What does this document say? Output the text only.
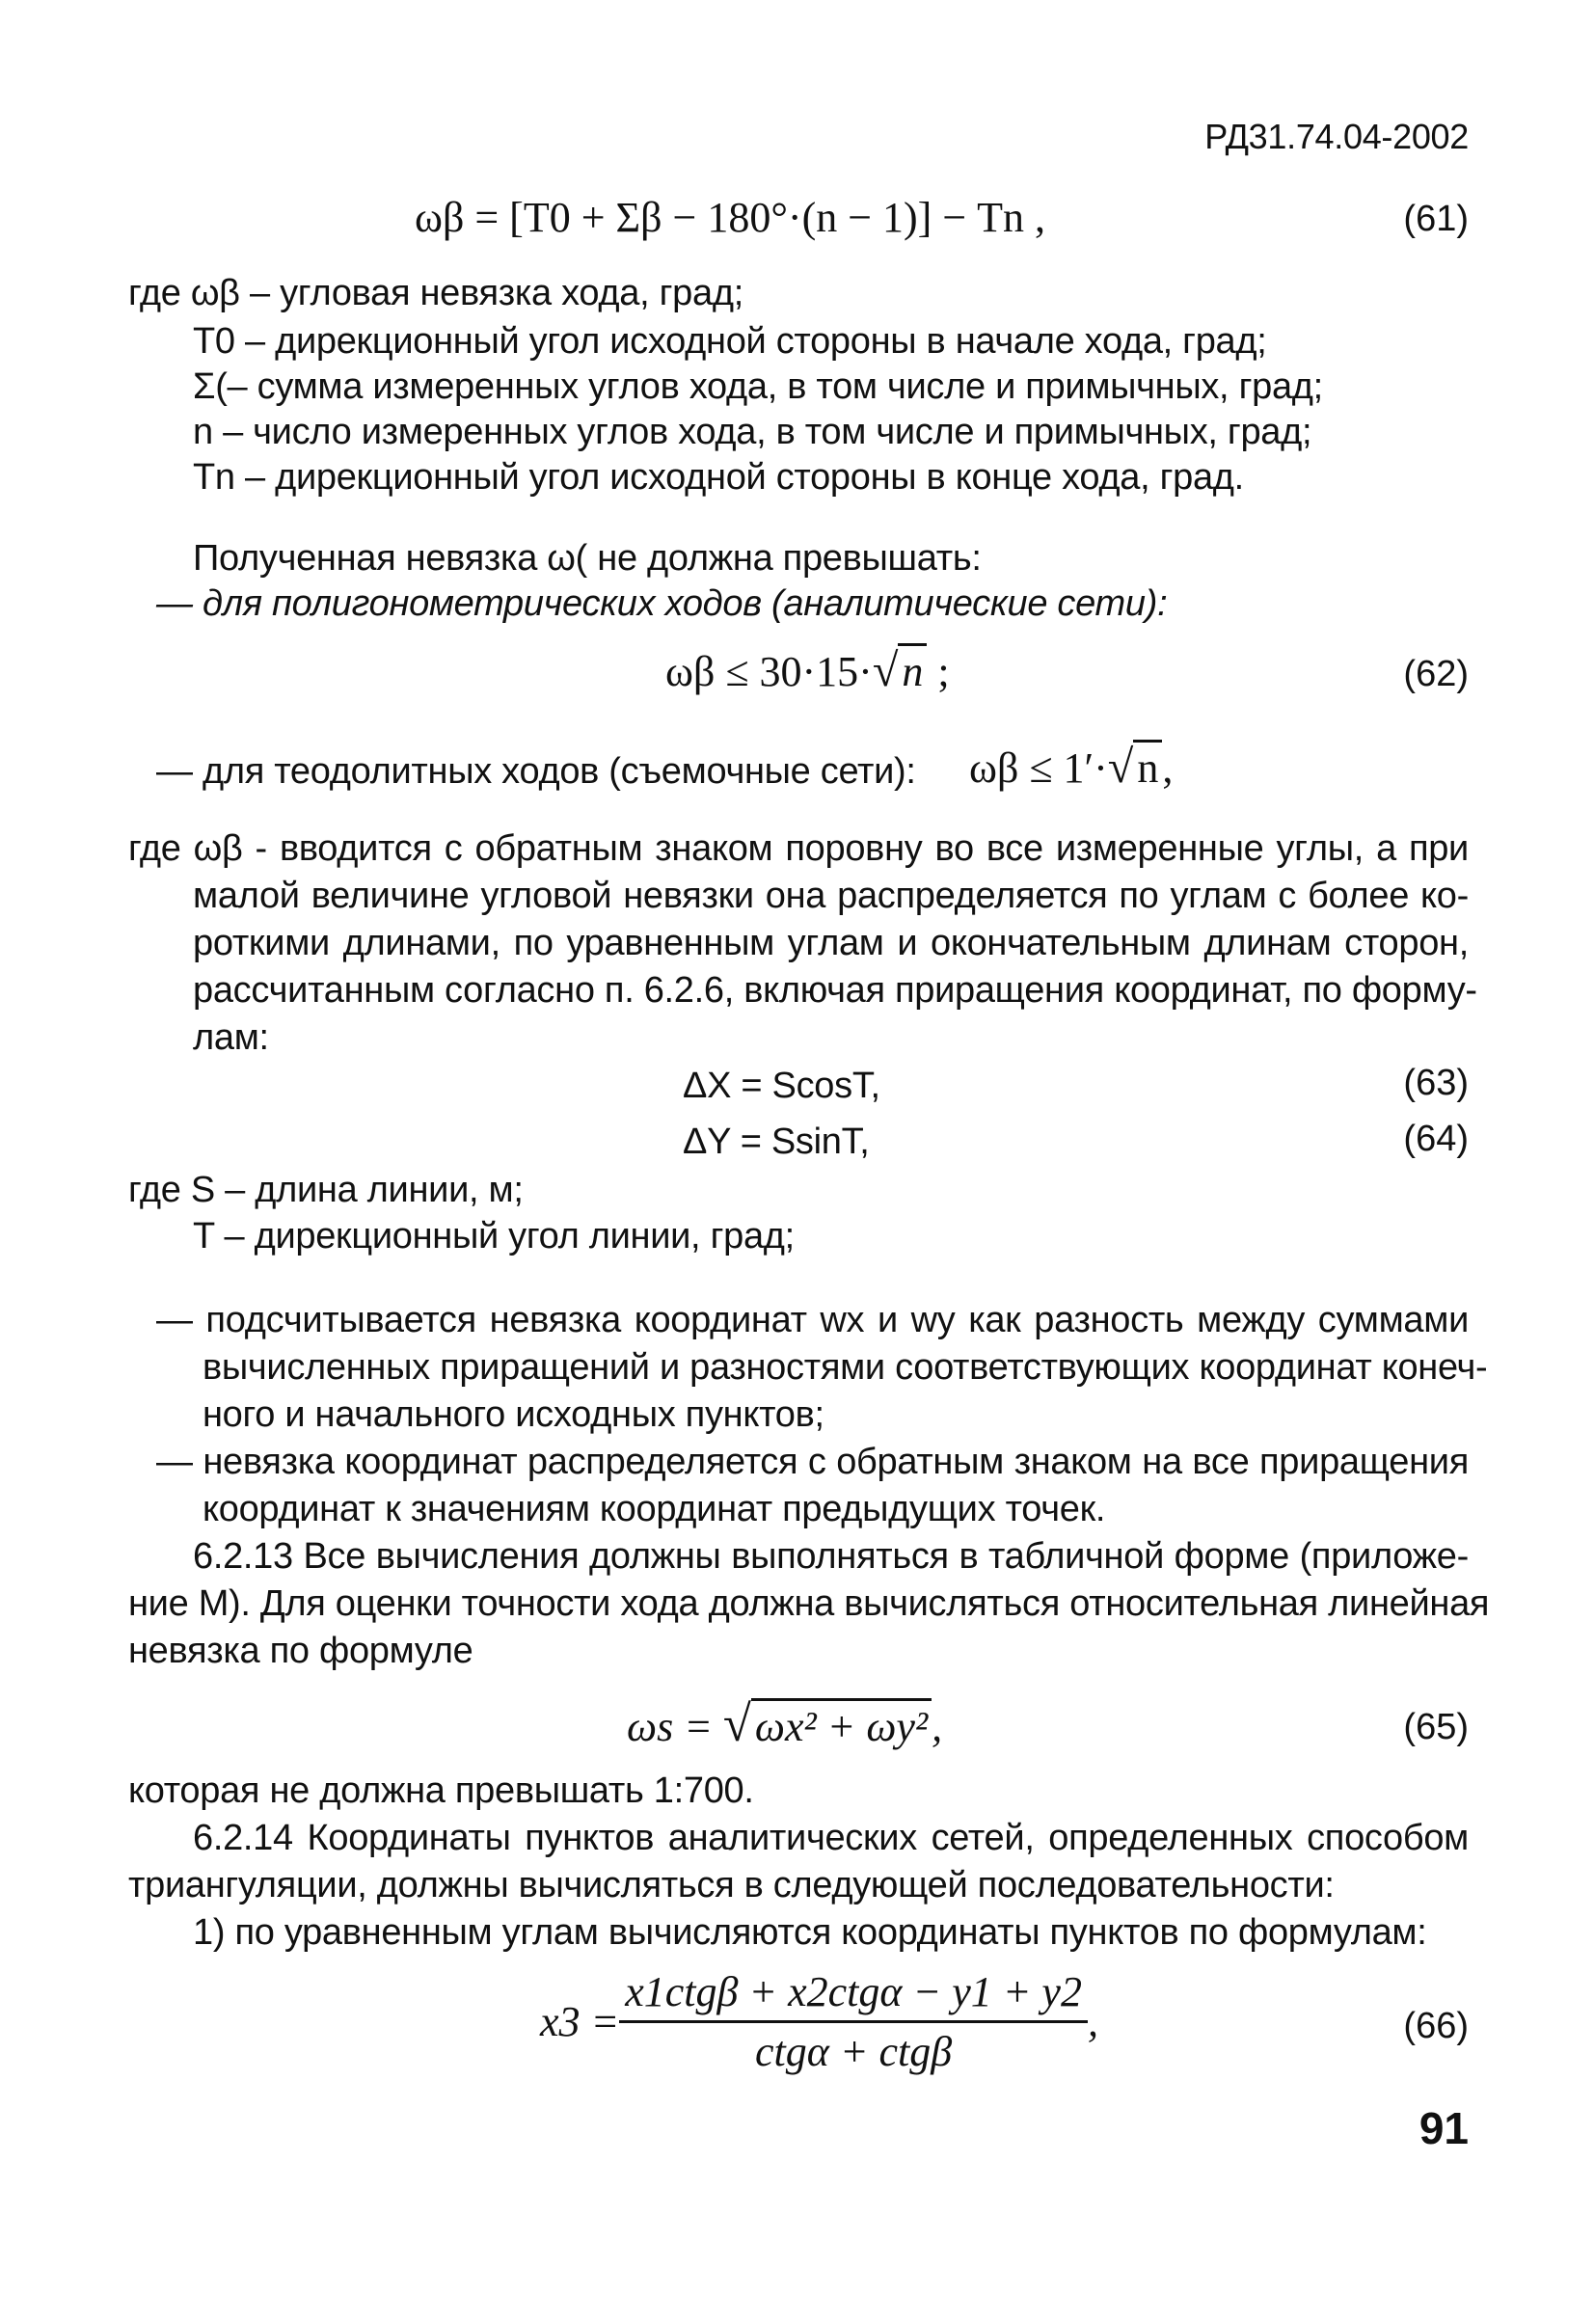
РД31.74.04-2002
ωβ = [T0 + Σβ − 180°·(n − 1)] − Tn ,	(61)
где ωβ – угловая невязка хода, град;
T0 – дирекционный угол исходной стороны в начале хода, град;
Σ(– сумма измеренных углов хода, в том числе и примычных, град;
n – число измеренных углов хода, в том числе и примычных, град;
Tn – дирекционный угол исходной стороны в конце хода, град.
Полученная невязка ω( не должна превышать:
— для полигонометрических ходов (аналитические сети):
ωβ ≤ 30·15·√n ;	(62)
— для теодолитных ходов (съемочные сети): ωβ ≤ 1′·√n,
где ωβ - вводится с обратным знаком поровну во все измеренные углы, а при
малой величине угловой невязки она распределяется по углам с более ко-
роткими длинами, по уравненным углам и окончательным длинам сторон,
рассчитанным согласно п. 6.2.6, включая приращения координат, по форму-
лам:
ΔX = ScosT,	(63)
ΔY = SsinT,	(64)
где S – длина линии, м;
T – дирекционный угол линии, град;
— подсчитывается невязка координат wx и wy как разность между суммами
вычисленных приращений и разностями соответствующих координат конеч-
ного и начального исходных пунктов;
— невязка координат распределяется с обратным знаком на все приращения
координат к значениям координат предыдущих точек.
6.2.13 Все вычисления должны выполняться в табличной форме (приложе-
ние М). Для оценки точности хода должна вычисляться относительная линейная
невязка по формуле
ωs = √ωx² + ωy²,	(65)
которая не должна превышать 1:700.
6.2.14 Координаты пунктов аналитических сетей, определенных способом
триангуляции, должны вычисляться в следующей последовательности:
1) по уравненным углам вычисляются координаты пунктов по формулам:
$x3 = \frac{\text{x1ctgβ + x2ctgα − y1 + y2}}{\text{ctgα + ctgβ}}$ ,	(66)
91
